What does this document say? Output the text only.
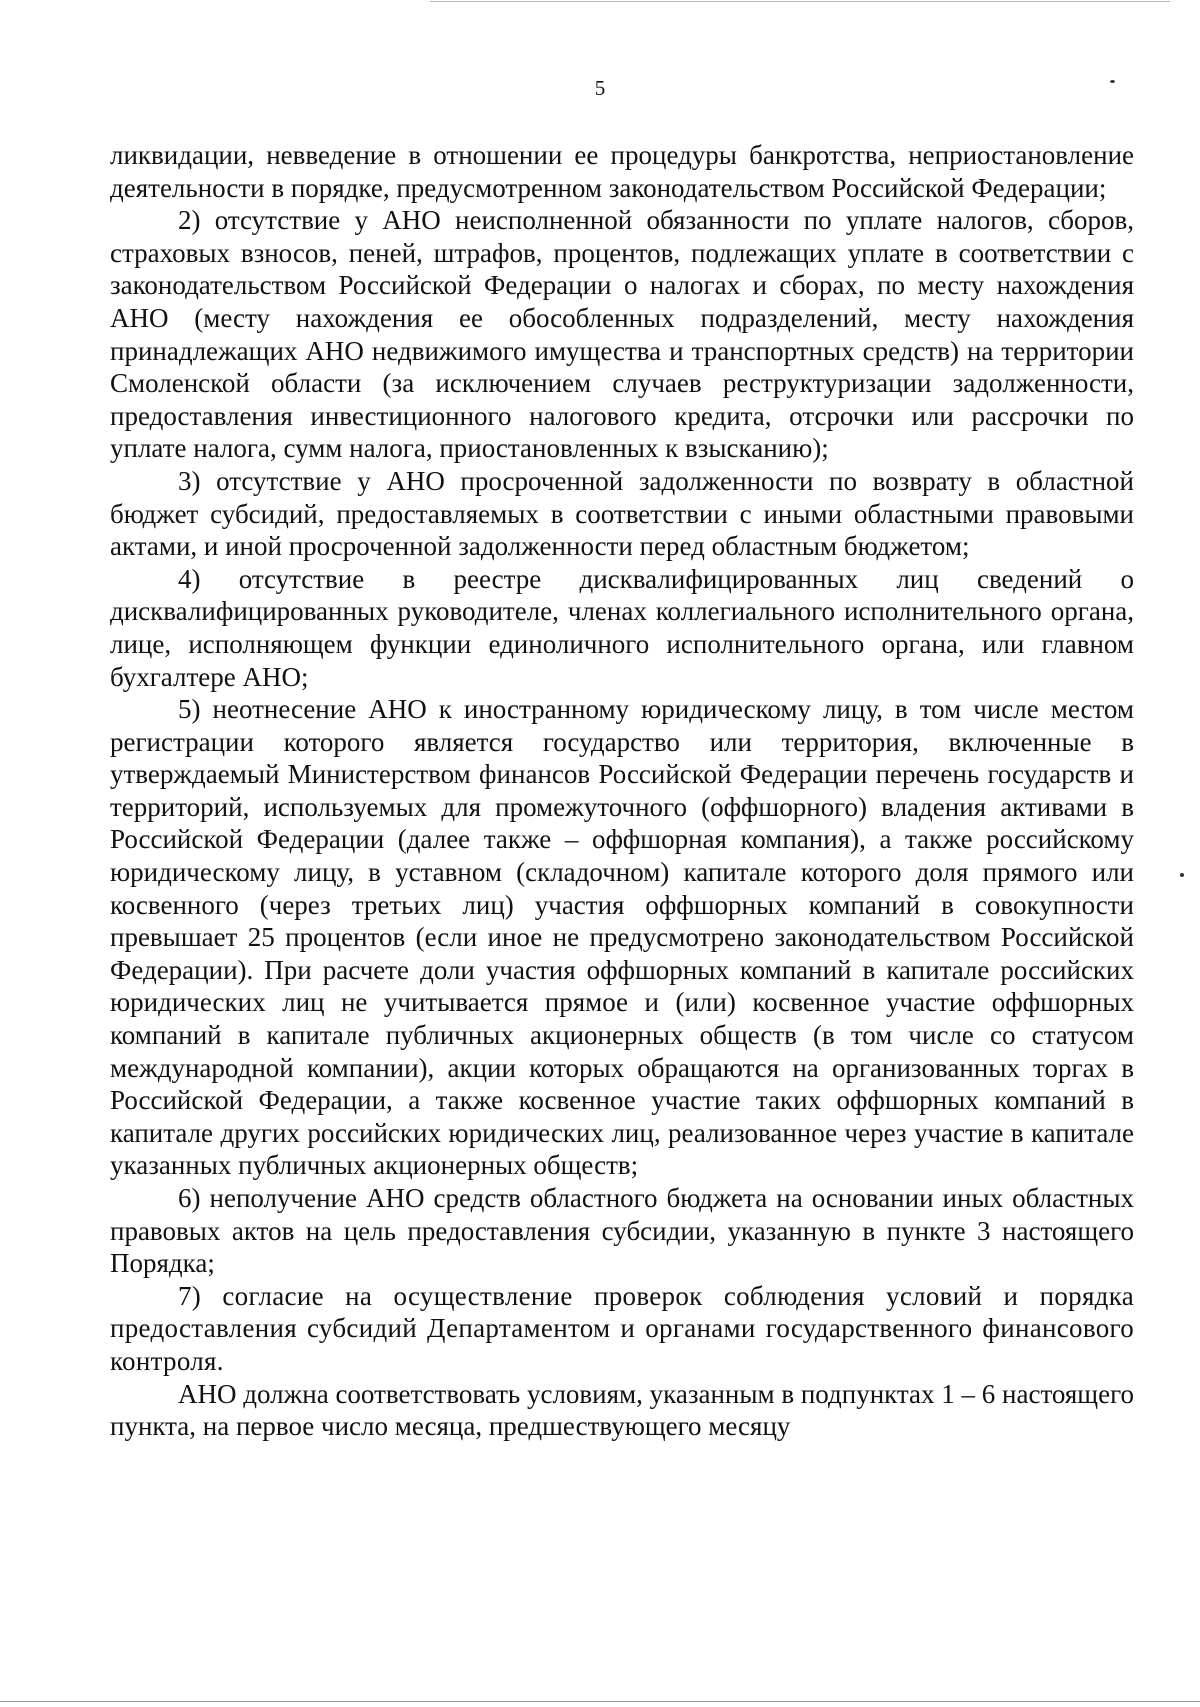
5

ликвидации, невведение в отношении ее процедуры банкротства, неприостановление деятельности в порядке, предусмотренном законодательством Российской Федерации;

2) отсутствие у АНО неисполненной обязанности по уплате налогов, сборов, страховых взносов, пеней, штрафов, процентов, подлежащих уплате в соответствии с законодательством Российской Федерации о налогах и сборах, по месту нахождения АНО (месту нахождения ее обособленных подразделений, месту нахождения принадлежащих АНО недвижимого имущества и транспортных средств) на территории Смоленской области (за исключением случаев реструктуризации задолженности, предоставления инвестиционного налогового кредита, отсрочки или рассрочки по уплате налога, сумм налога, приостановленных к взысканию);

3) отсутствие у АНО просроченной задолженности по возврату в областной бюджет субсидий, предоставляемых в соответствии с иными областными правовыми актами, и иной просроченной задолженности перед областным бюджетом;

4) отсутствие в реестре дисквалифицированных лиц сведений о дисквалифицированных руководителе, членах коллегиального исполнительного органа, лице, исполняющем функции единоличного исполнительного органа, или главном бухгалтере АНО;

5) неотнесение АНО к иностранному юридическому лицу, в том числе местом регистрации которого является государство или территория, включенные в утверждаемый Министерством финансов Российской Федерации перечень государств и территорий, используемых для промежуточного (оффшорного) владения активами в Российской Федерации (далее также – оффшорная компания), а также российскому юридическому лицу, в уставном (складочном) капитале которого доля прямого или косвенного (через третьих лиц) участия оффшорных компаний в совокупности превышает 25 процентов (если иное не предусмотрено законодательством Российской Федерации). При расчете доли участия оффшорных компаний в капитале российских юридических лиц не учитывается прямое и (или) косвенное участие оффшорных компаний в капитале публичных акционерных обществ (в том числе со статусом международной компании), акции которых обращаются на организованных торгах в Российской Федерации, а также косвенное участие таких оффшорных компаний в капитале других российских юридических лиц, реализованное через участие в капитале указанных публичных акционерных обществ;

6) неполучение АНО средств областного бюджета на основании иных областных правовых актов на цель предоставления субсидии, указанную в пункте 3 настоящего Порядка;

7) согласие на осуществление проверок соблюдения условий и порядка предоставления субсидий Департаментом и органами государственного финансового контроля.

АНО должна соответствовать условиям, указанным в подпунктах 1 – 6 настоящего пункта, на первое число месяца, предшествующего месяцу
